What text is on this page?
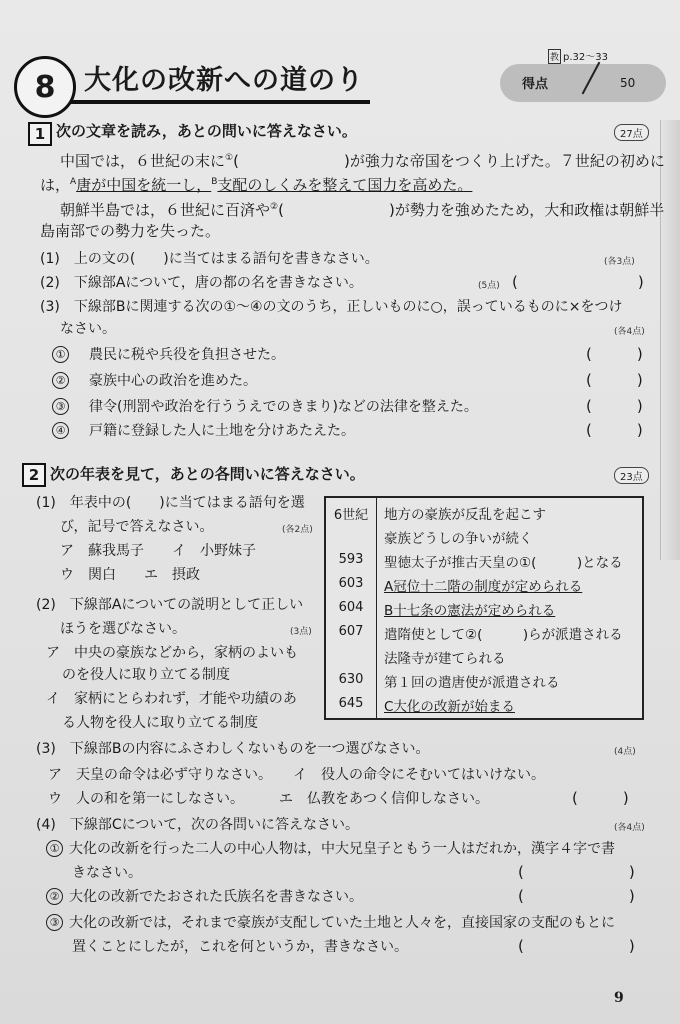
8 大化の改新への道のり
教 p.32〜33
得点	50
1 次の文章を読み，あとの問いに答えなさい。	27点
中国では，６世紀の末に①(　　　　　　　)が強力な帝国をつくり上げた。７世紀の初めに
は，$^A$唐が中国を統一し，$^B$支配のしくみを整えて国力を高めた。
朝鮮半島では，６世紀に百済や②(　　　　　　　)が勢力を強めたため，大和政権は朝鮮半
島南部での勢力を失った。
(1)　 上の文の(　　)に当てはまる語句を書きなさい。	(各3点)
(2)　 下線部Aについて，唐の都の名を書きなさい。	(5点) (　　　　　　　　)
(3)　 下線部Bに関連する次の①～④の文のうち，正しいものに○，誤っているものに×をつけ
なさい。	(各4点)
①　 農民に税や兵役を負担させた。	(　　　)
②　 豪族中心の政治を進めた。	(　　　)
③　 律令(刑罰や政治を行ううえでのきまり)などの法律を整えた。	(　　　)
④　 戸籍に登録した人に土地を分けあたえた。	(　　　)
2 次の年表を見て，あとの各問いに答えなさい。	23点
(1)　 年表中の(　　)に当てはまる語句を選
び，記号で答えなさい。	(各2点)
ア　蘇我馬子　　イ　小野妹子
ウ　関白　　エ　摂政
(2)　 下線部Aについての説明として正しい
ほうを選びなさい。	(3点)
ア　中央の豪族などから，家柄のよいも
のを役人に取り立てる制度
イ　家柄にとらわれず，才能や功績のあ
る人物を役人に取り立てる制度
6世紀	地方の豪族が反乱を起こす
豪族どうしの争いが続く
593	聖徳太子が推古天皇の①(　　　)となる
603	A冠位十二階の制度が定められる
604	B十七条の憲法が定められる
607	遣隋使として②(　　　)らが派遣される
法隆寺が建てられる
630	第１回の遣唐使が派遣される
645	C大化の改新が始まる
(3)　 下線部Bの内容にふさわしくないものを一つ選びなさい。	(4点)
ア　天皇の命令は必ず守りなさい。　　イ　役人の命令にそむいてはいけない。
ウ　人の和を第一にしなさい。　　　エ　仏教をあつく信仰しなさい。	(　　　)
(4)　 下線部Cについて，次の各問いに答えなさい。	(各4点)
① 大化の改新を行った二人の中心人物は，中大兄皇子ともう一人はだれか，漢字４字で書
きなさい。	(　　　　　　　)
② 大化の改新でたおされた氏族名を書きなさい。	(　　　　　　　)
③ 大化の改新では，それまで豪族が支配していた土地と人々を，直接国家の支配のもとに
置くことにしたが，これを何というか，書きなさい。	(　　　　　　　)
9
